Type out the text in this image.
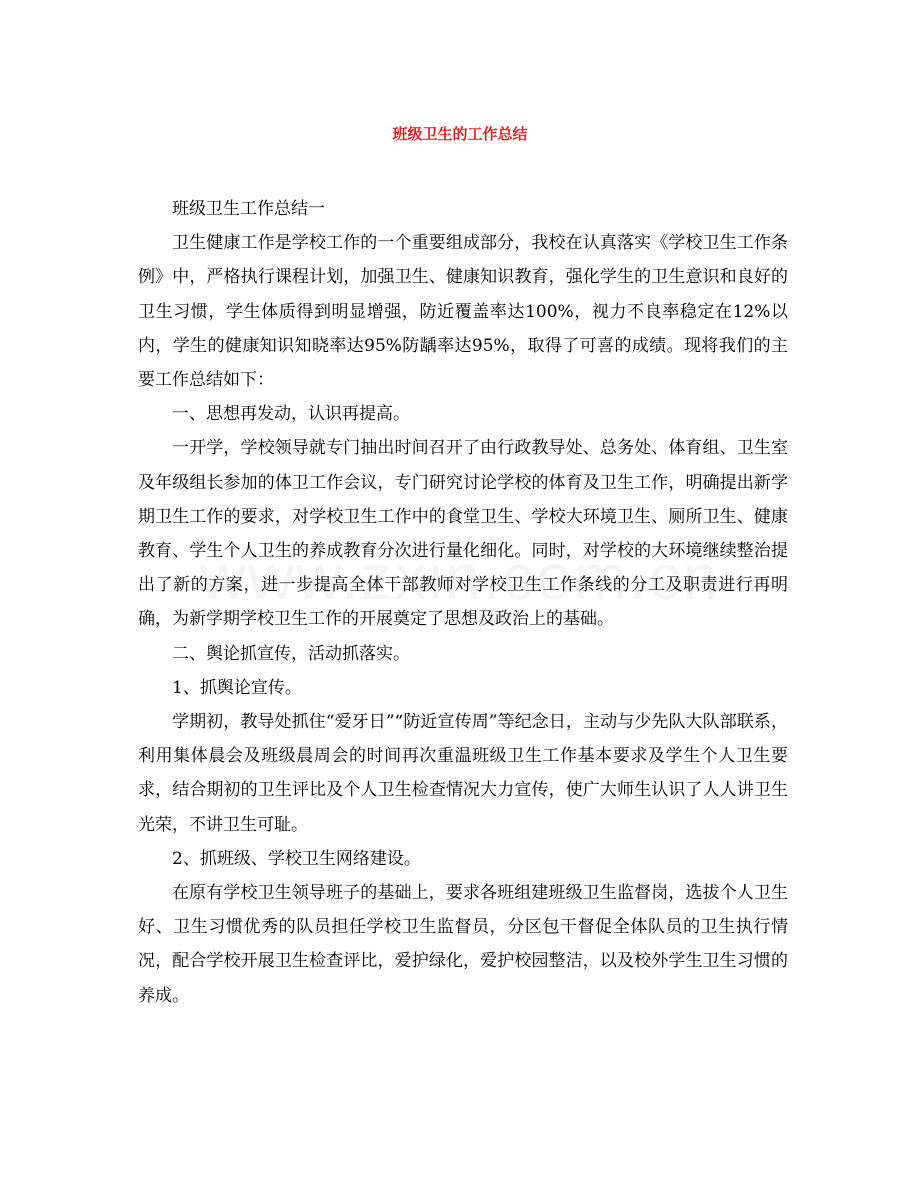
班级卫生的工作总结

班级卫生工作总结一

卫生健康工作是学校工作的一个重要组成部分，我校在认真落实《学校卫生工作条例》中，严格执行课程计划，加强卫生、健康知识教育，强化学生的卫生意识和良好的卫生习惯，学生体质得到明显增强，防近覆盖率达100%，视力不良率稳定在12%以内，学生的健康知识知晓率达95%防龋率达95%，取得了可喜的成绩。现将我们的主要工作总结如下：

一、思想再发动，认识再提高。

一开学，学校领导就专门抽出时间召开了由行政教导处、总务处、体育组、卫生室及年级组长参加的体卫工作会议，专门研究讨论学校的体育及卫生工作，明确提出新学期卫生工作的要求，对学校卫生工作中的食堂卫生、学校大环境卫生、厕所卫生、健康教育、学生个人卫生的养成教育分次进行量化细化。同时，对学校的大环境继续整治提出了新的方案，进一步提高全体干部教师对学校卫生工作条线的分工及职责进行再明确，为新学期学校卫生工作的开展奠定了思想及政治上的基础。

二、舆论抓宣传，活动抓落实。

1、抓舆论宣传。

学期初，教导处抓住“爱牙日”“防近宣传周”等纪念日，主动与少先队大队部联系，利用集体晨会及班级晨周会的时间再次重温班级卫生工作基本要求及学生个人卫生要求，结合期初的卫生评比及个人卫生检查情况大力宣传，使广大师生认识了人人讲卫生光荣，不讲卫生可耻。

2、抓班级、学校卫生网络建设。

在原有学校卫生领导班子的基础上，要求各班组建班级卫生监督岗，选拔个人卫生好、卫生习惯优秀的队员担任学校卫生监督员，分区包干督促全体队员的卫生执行情况，配合学校开展卫生检查评比，爱护绿化，爱护校园整洁，以及校外学生卫生习惯的养成。
